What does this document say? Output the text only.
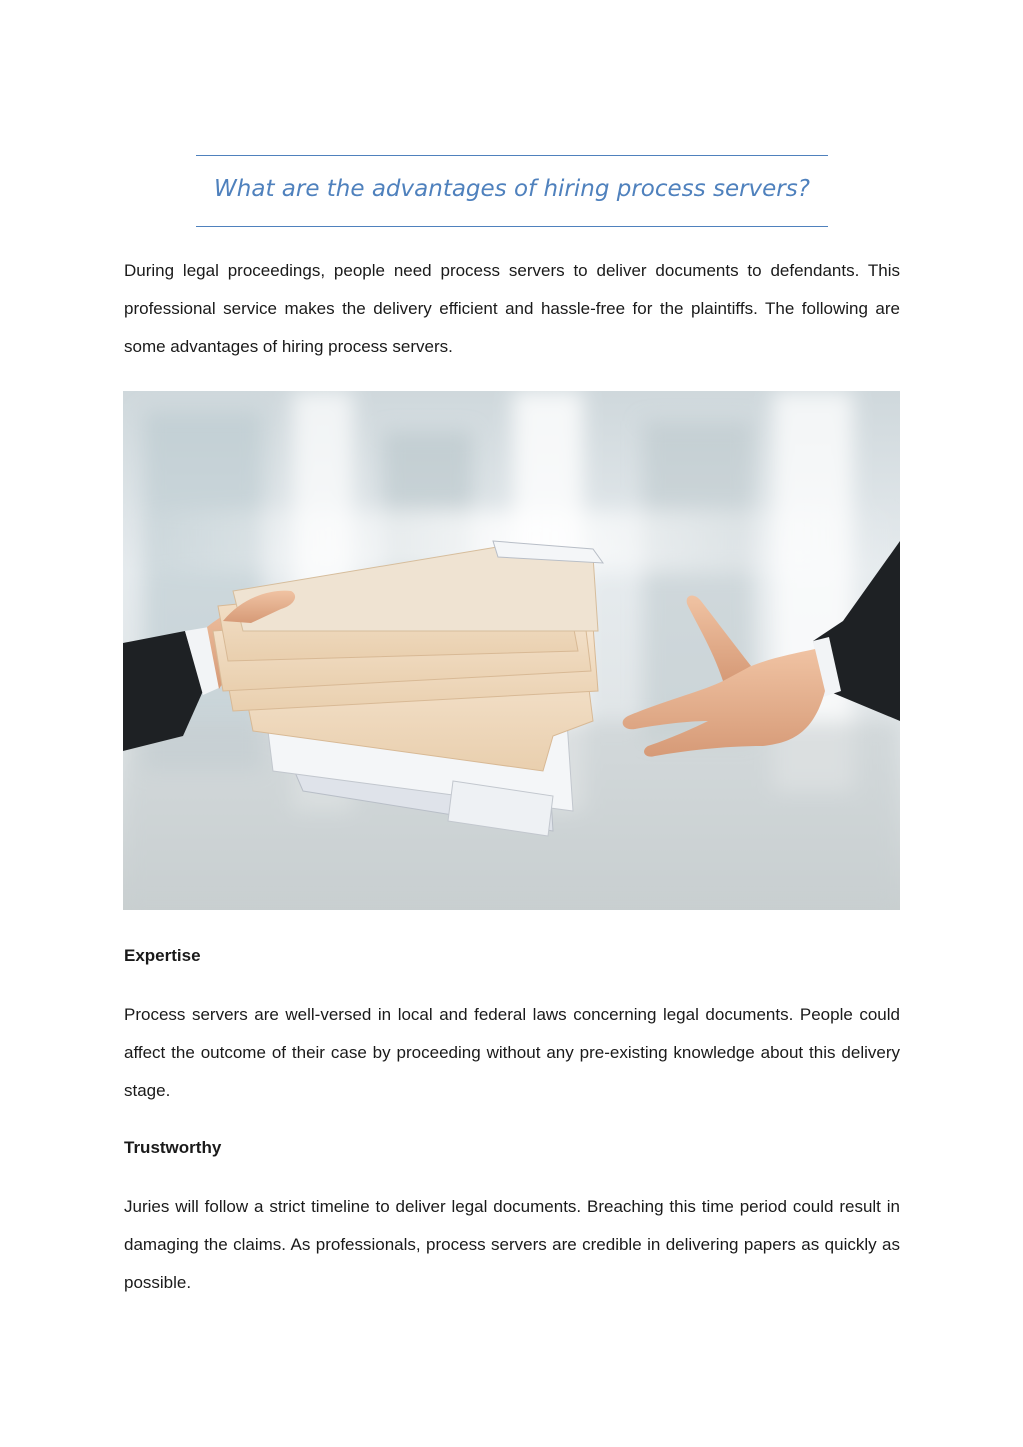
What are the advantages of hiring process servers?

During legal proceedings, people need process servers to deliver documents to defendants. This professional service makes the delivery efficient and hassle-free for the plaintiffs. The following are some advantages of hiring process servers.

Expertise

Process servers are well-versed in local and federal laws concerning legal documents. People could affect the outcome of their case by proceeding without any pre-existing knowledge about this delivery stage.

Trustworthy

Juries will follow a strict timeline to deliver legal documents. Breaching this time period could result in damaging the claims. As professionals, process servers are credible in delivering papers as quickly as possible.
